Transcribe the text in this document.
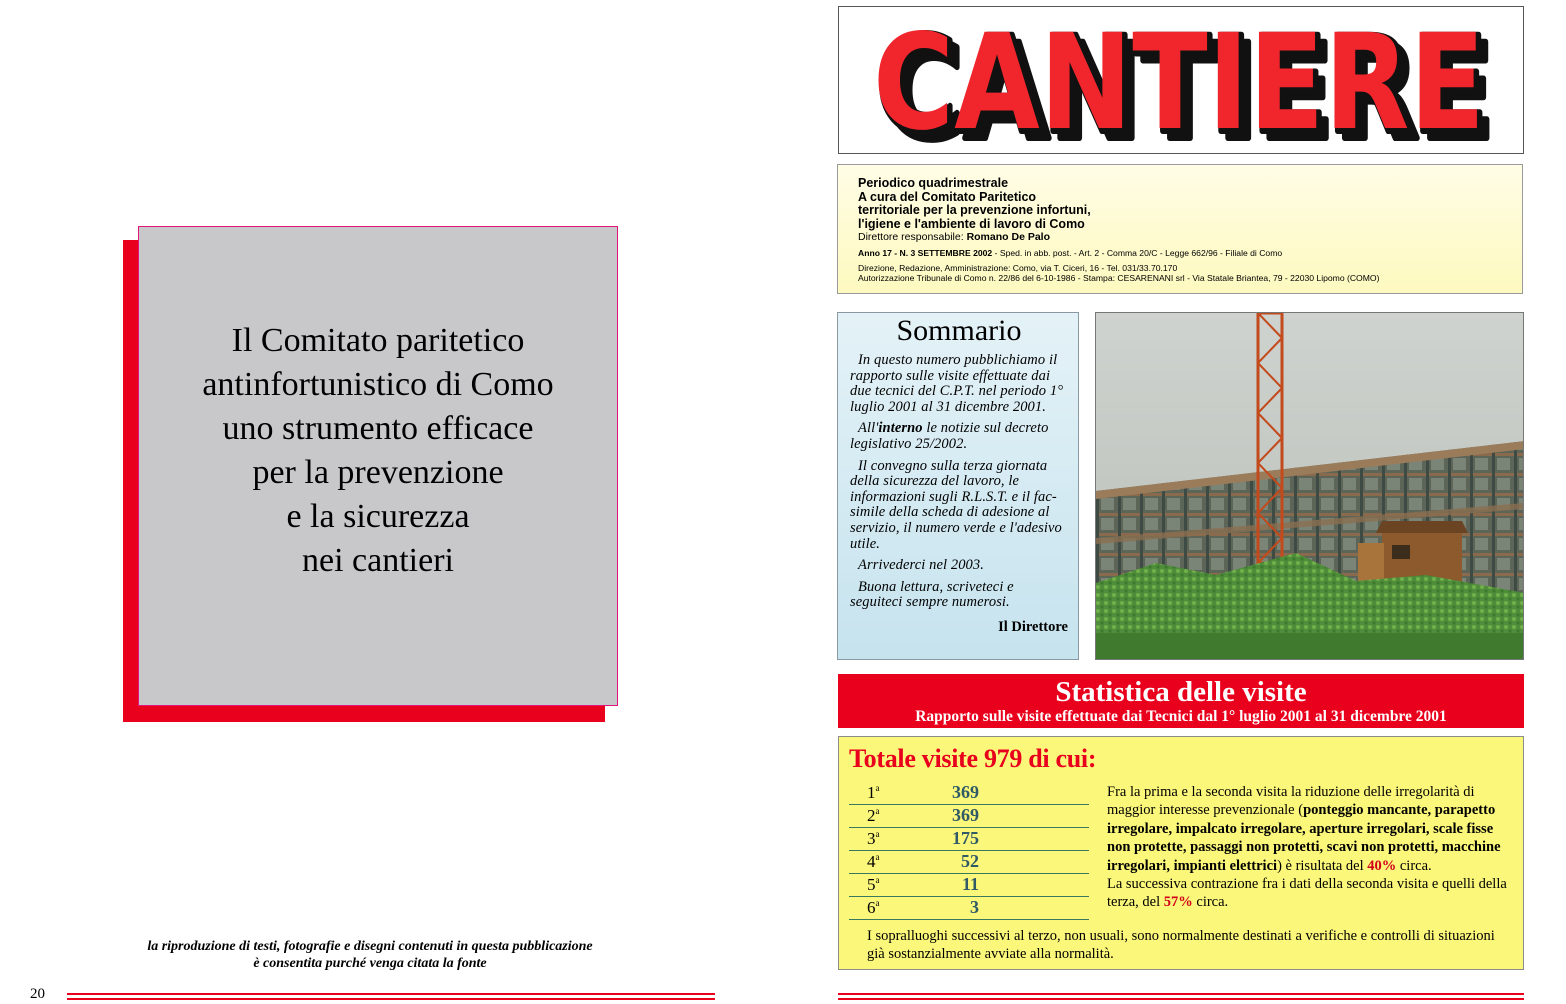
Il Comitato paritetico
antinfortunistico di Como
uno strumento efficace
per la prevenzione
e la sicurezza
nei cantieri

la riproduzione di testi, fotografie e disegni contenuti in questa pubblicazione
è consentita purché venga citata la fonte
20
CANTIERE
CANTIERE
CANTIERE

Periodico quadrimestrale

A cura del Comitato Paritetico

territoriale per la prevenzione infortuni,

l'igiene e l'ambiente di lavoro di Como

Direttore responsabile: Romano De Palo

Anno 17 - N. 3 SETTEMBRE 2002 - Sped. in abb. post. - Art. 2 - Comma 20/C - Legge 662/96 - Filiale di Como

Direzione, Redazione, Amministrazione: Como, via T. Ciceri, 16 - Tel. 031/33.70.170

Autorizzazione Tribunale di Como n. 22/86 del 6-10-1986 - Stampa: CESARENANI srl - Via Statale Briantea, 79 - 22030 Lipomo (COMO)

Sommario

In questo numero pubblichiamo il rapporto sulle visite effettuate dai due tecnici del C.P.T. nel periodo 1° luglio 2001 al 31 dicembre 2001.

All'interno le notizie sul decreto legislativo 25/2002.

Il convegno sulla terza giornata della sicurezza del lavoro, le informazioni sugli R.L.S.T. e il fac-simile della scheda di adesione al servizio, il numero verde e l'adesivo utile.

Arrivederci nel 2003.

Buona lettura, scriveteci e seguiteci sempre numerosi.

Il Direttore
Statistica delle visite
Rapporto sulle visite effettuate dai Tecnici dal 1° luglio 2001 al 31 dicembre 2001
Totale visite 979 di cui:
1$^a$	369
2$^a$	369
3$^a$	175
4$^a$	52
5$^a$	11
6$^a$	3
Fra la prima e la seconda visita la riduzione delle irregolarità di maggior interesse prevenzionale (ponteggio mancante, parapetto irregolare, impalcato irregolare, aperture irregolari, scale fisse non protette, passaggi non protetti, scavi non protetti, macchine irregolari, impianti elettrici) è risultata del 40% circa.
La successiva contrazione fra i dati della seconda visita e quelli della terza, del 57% circa.
I sopralluoghi successivi al terzo, non usuali, sono normalmente destinati a verifiche e controlli di situazioni già sostanzialmente avviate alla normalità.
